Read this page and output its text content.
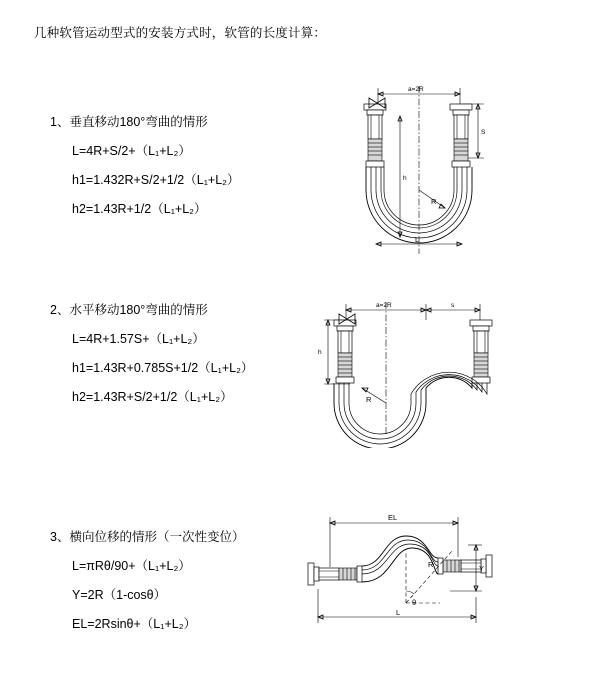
几种软管运动型式的安装方式时，软管的长度计算：
1、垂直移动180°弯曲的情形
L=4R+S/2+（L₁+L₂）
h1=1.432R+S/2+1/2（L₁+L₂）
h2=1.43R+1/2（L₁+L₂）
a=2R
S
R
h
L
2、水平移动180°弯曲的情形
L=4R+1.57S+（L₁+L₂）
h1=1.43R+0.785S+1/2（L₁+L₂）
h2=1.43R+S/2+1/2（L₁+L₂）
a=2R	s
h
R
3、横向位移的情形（一次性变位）
L=πRθ/90+（L₁+L₂）
Y=2R（1-cosθ）
EL=2Rsinθ+（L₁+L₂）
EL
Y
θ
R
L
